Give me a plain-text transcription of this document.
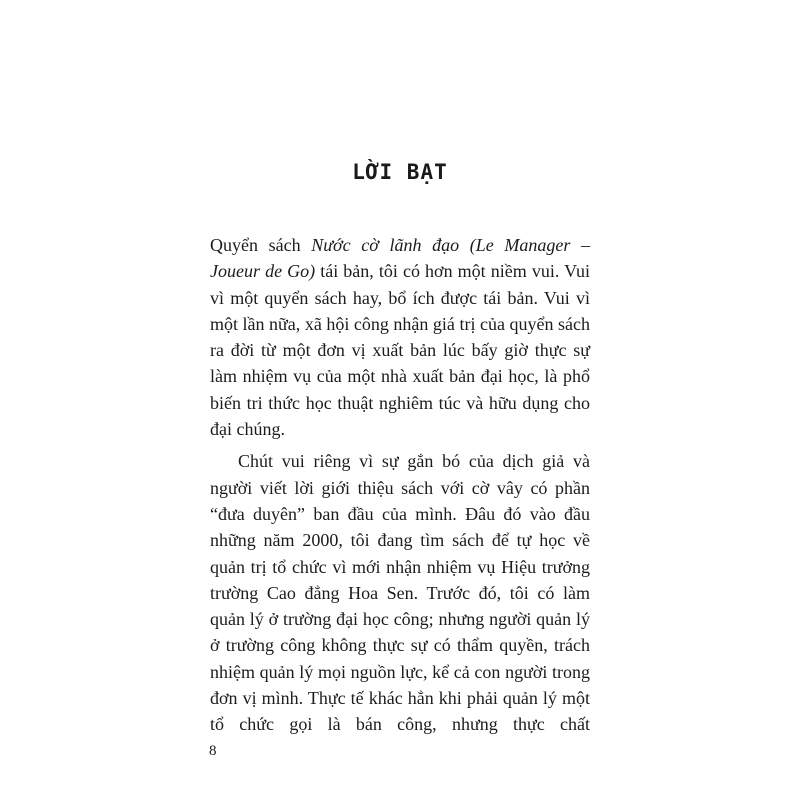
LỜI BẠT

Quyển sách Nước cờ lãnh đạo (Le Manager – Joueur de Go) tái bản, tôi có hơn một niềm vui. Vui vì một quyển sách hay, bổ ích được tái bản. Vui vì một lần nữa, xã hội công nhận giá trị của quyển sách ra đời từ một đơn vị xuất bản lúc bấy giờ thực sự làm nhiệm vụ của một nhà xuất bản đại học, là phổ biến tri thức học thuật nghiêm túc và hữu dụng cho đại chúng.

Chút vui riêng vì sự gắn bó của dịch giả và người viết lời giới thiệu sách với cờ vây có phần “đưa duyên” ban đầu của mình. Đâu đó vào đầu những năm 2000, tôi đang tìm sách để tự học về quản trị tổ chức vì mới nhận nhiệm vụ Hiệu trưởng trường Cao đẳng Hoa Sen. Trước đó, tôi có làm quản lý ở trường đại học công; nhưng người quản lý ở trường công không thực sự có thẩm quyền, trách nhiệm quản lý mọi nguồn lực, kể cả con người trong đơn vị mình. Thực tế khác hẳn khi phải quản lý một tổ chức gọi là bán công, nhưng thực chất

8
